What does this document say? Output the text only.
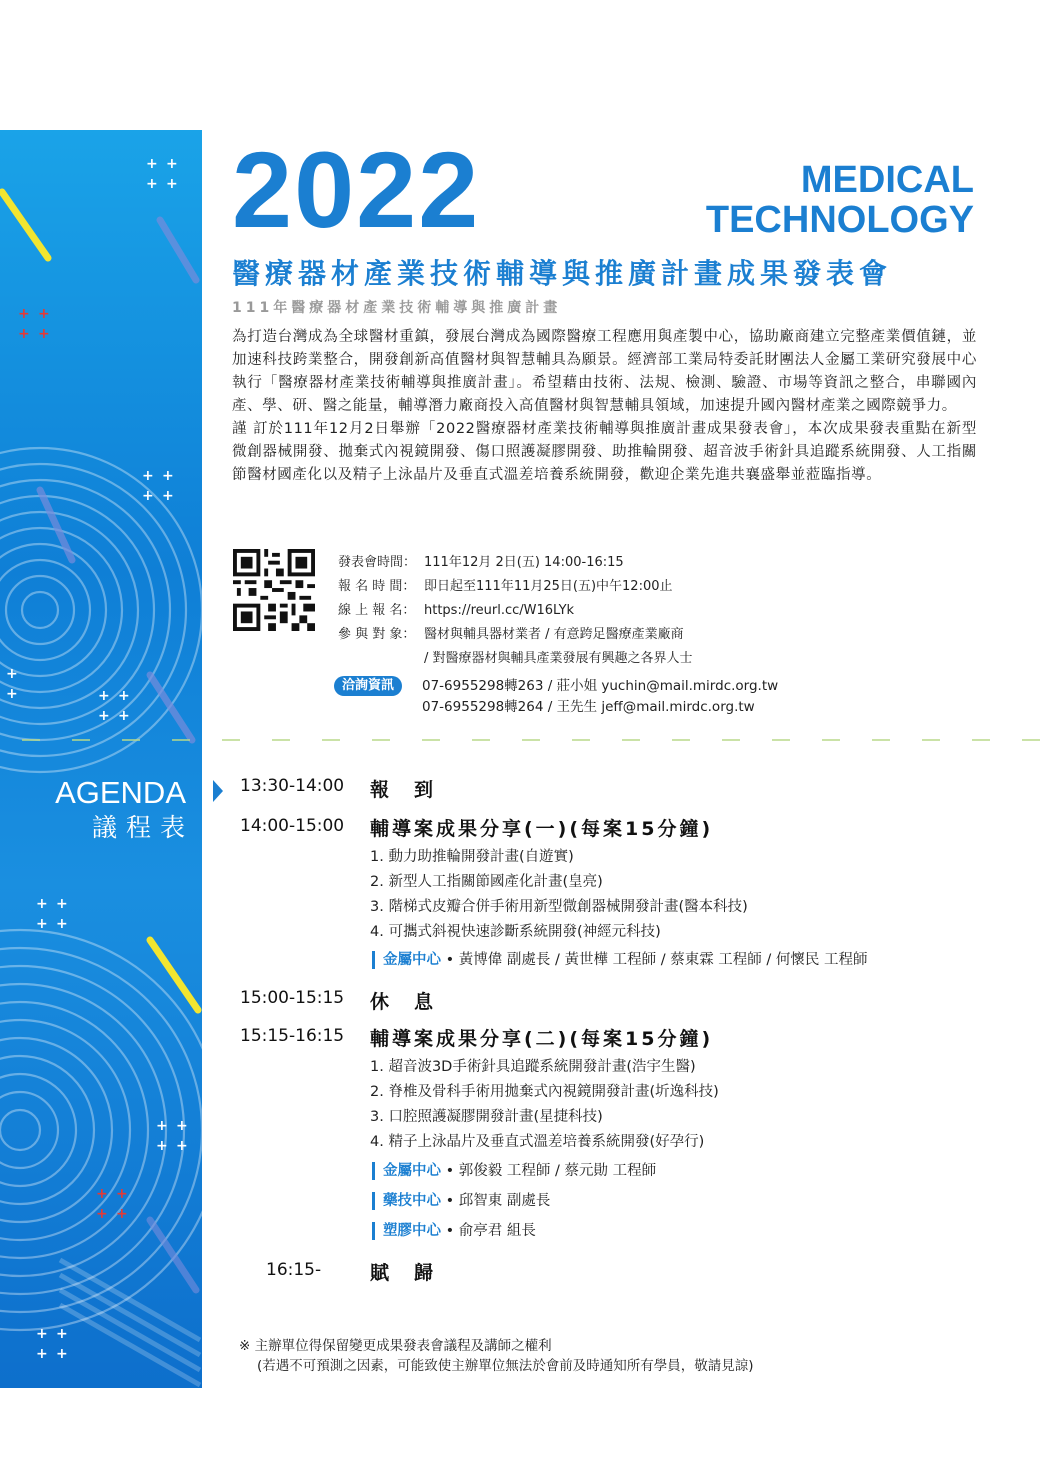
+ +
+ +
+ +
+ +
+
+	+ +
+ +
+ +
+ +
+ +
+ +
+ +
+ +
+ +
+ +
+ +
+ +
AGENDA
議程表
2022	MEDICAL
TECHNOLOGY
醫療器材產業技術輔導與推廣計畫成果發表會
111年醫療器材產業技術輔導與推廣計畫

為打造台灣成為全球醫材重鎮，發展台灣成為國際醫療工程應用與產製中心，協助廠商建立完整產業價值鏈，並加速科技跨業整合，開發創新高值醫材與智慧輔具為願景。經濟部工業局特委託財團法人金屬工業研究發展中心執行「醫療器材產業技術輔導與推廣計畫」。希望藉由技術、法規、檢測、驗證、市場等資訊之整合，串聯國內產、學、研、醫之能量，輔導潛力廠商投入高值醫材與智慧輔具領域，加速提升國內醫材產業之國際競爭力。

謹 訂於111年12月2日舉辦「2022醫療器材產業技術輔導與推廣計畫成果發表會」，本次成果發表重點在新型微創器械開發、拋棄式內視鏡開發、傷口照護凝膠開發、助推輪開發、超音波手術針具追蹤系統開發、人工指關節醫材國產化以及精子上泳晶片及垂直式溫差培養系統開發，歡迎企業先進共襄盛舉並蒞臨指導。

發表會時間： 111年12月 2日(五) 14:00-16:15
報 名 時 間： 即日起至111年11月25日(五)中午12:00止
線 上 報 名： https://reurl.cc/W16LYk
參 與 對 象： 醫材與輔具器材業者 / 有意跨足醫療產業廠商
/ 對醫療器材與輔具產業發展有興趣之各界人士
洽詢資訊 07-6955298轉263 / 莊小姐 yuchin@mail.mirdc.org.tw
07-6955298轉264 / 王先生 jeff@mail.mirdc.org.tw
13:30-14:00 報　到
14:00-15:00 輔導案成果分享(一)(每案15分鐘)
1. 動力助推輪開發計畫(自遊實)
2. 新型人工指關節國產化計畫(皇亮)
3. 階梯式皮瓣合併手術用新型微創器械開發計畫(醫本科技)
4. 可攜式斜視快速診斷系統開發(神經元科技)
金屬中心 • 黃博偉 副處長 / 黃世樺 工程師 / 蔡東霖 工程師 / 何懷民 工程師
15:00-15:15 休　息
15:15-16:15 輔導案成果分享(二)(每案15分鐘)
1. 超音波3D手術針具追蹤系統開發計畫(浩宇生醫)
2. 脊椎及骨科手術用拋棄式內視鏡開發計畫(圻逸科技)
3. 口腔照護凝膠開發計畫(星捷科技)
4. 精子上泳晶片及垂直式溫差培養系統開發(好孕行)
金屬中心 • 郭俊毅 工程師 / 蔡元勛 工程師
藥技中心 • 邱智東 副處長
塑膠中心 • 俞亭君 組長
16:15-	賦　歸
※ 主辦單位得保留變更成果發表會議程及講師之權利
(若遇不可預測之因素，可能致使主辦單位無法於會前及時通知所有學員，敬請見諒)
